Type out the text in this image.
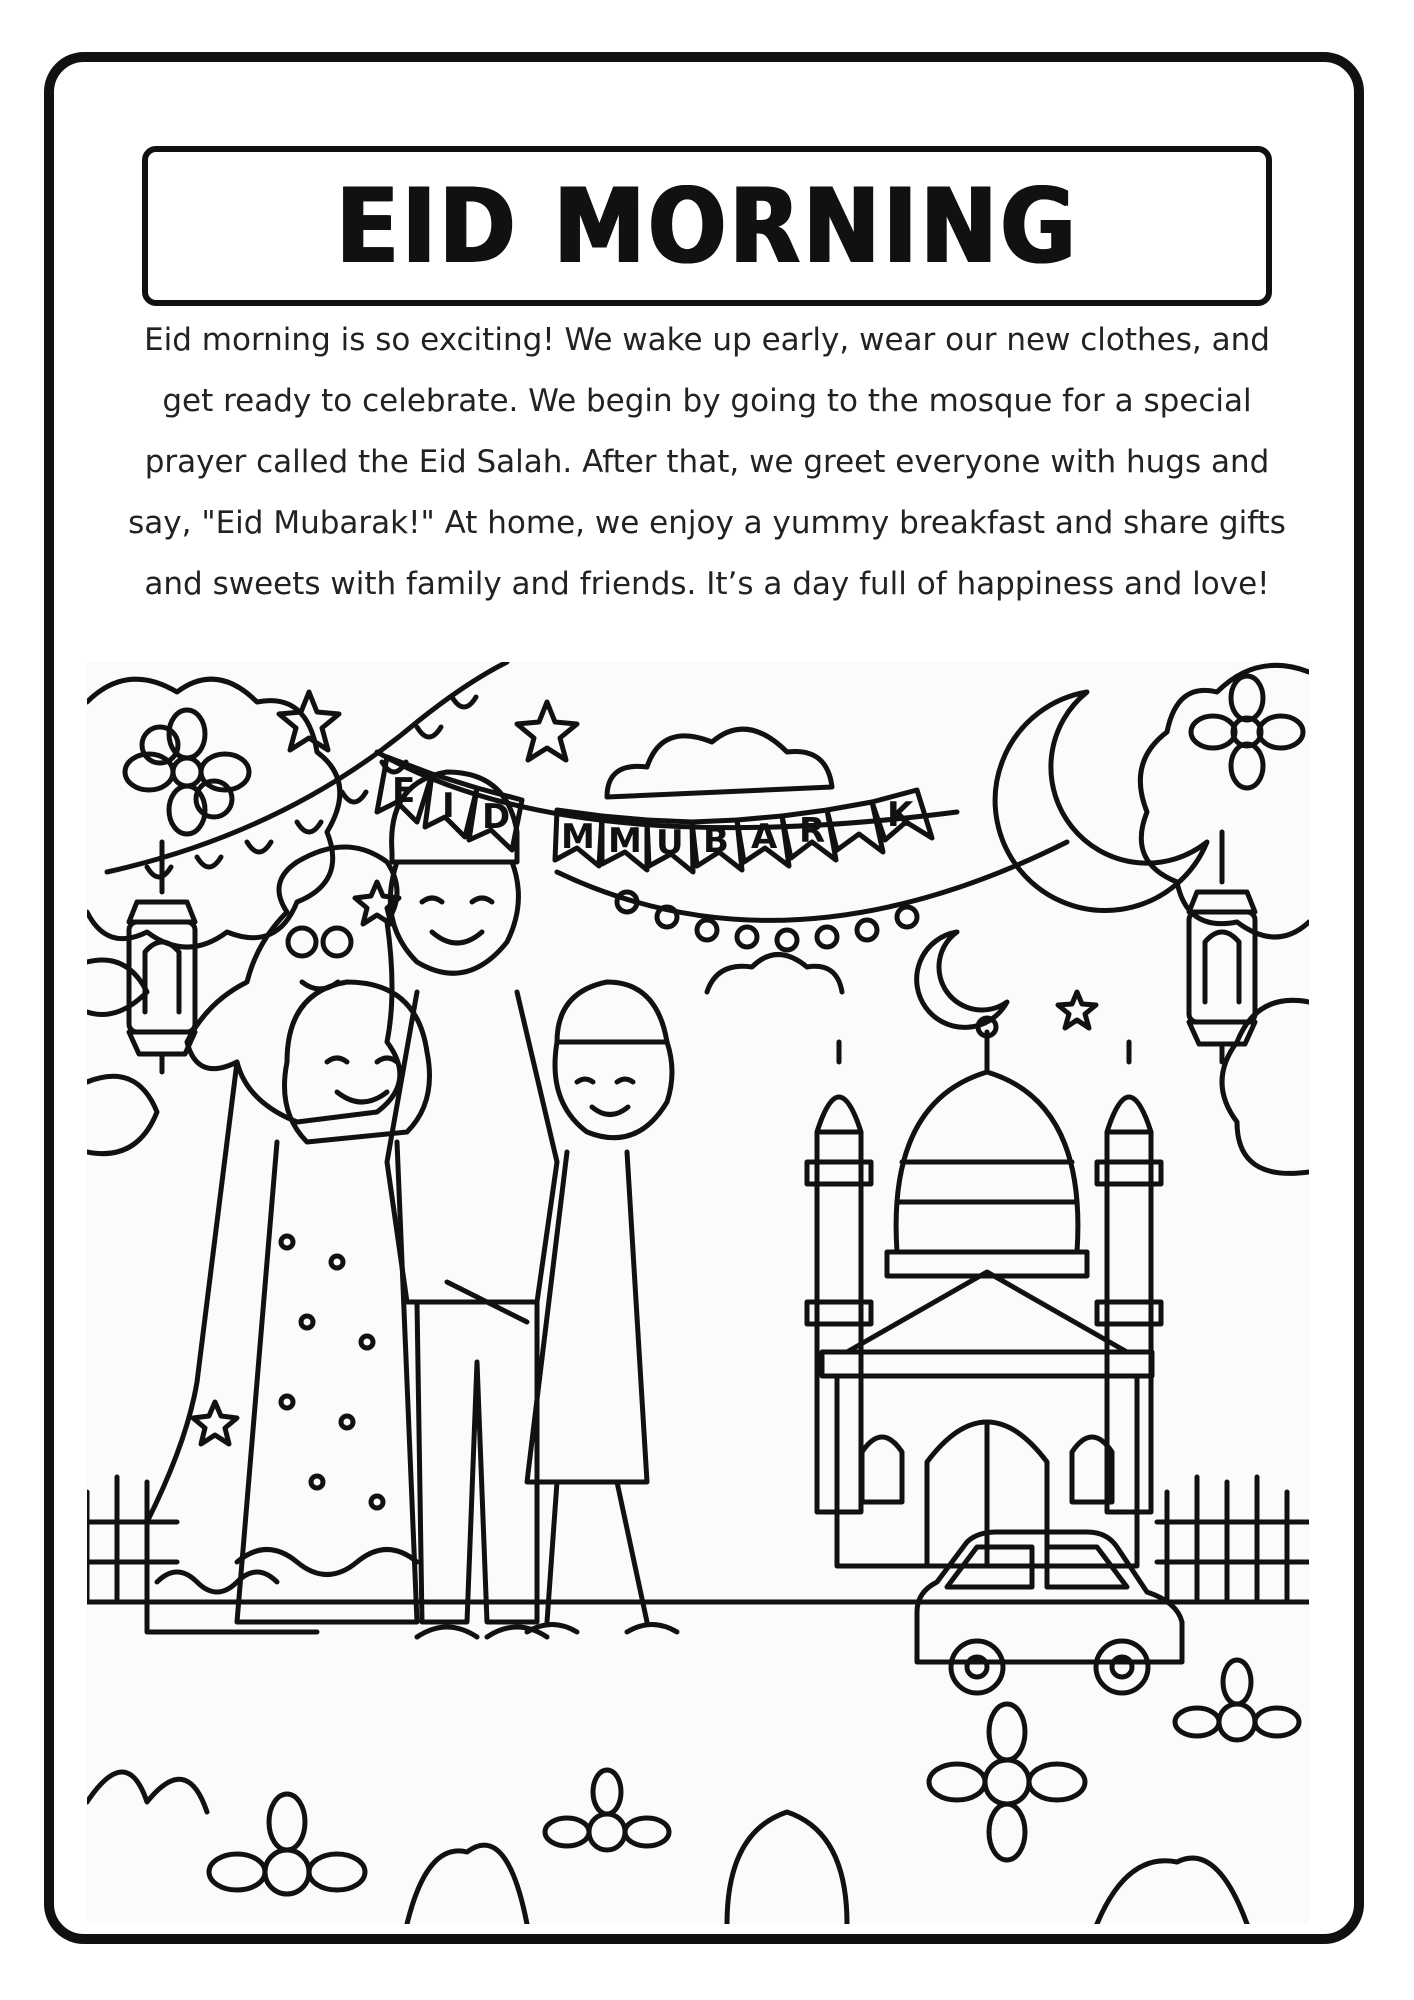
EID MORNING
Eid morning is so exciting! We wake up early, wear our new clothes, and get ready to celebrate. We begin by going to the mosque for a special prayer called the Eid Salah. After that, we greet everyone with hugs and say, "Eid Mubarak!" At home, we enjoy a yummy breakfast and share gifts and sweets with family and friends. It’s a day full of happiness and love!
E I D M M U B A R K
